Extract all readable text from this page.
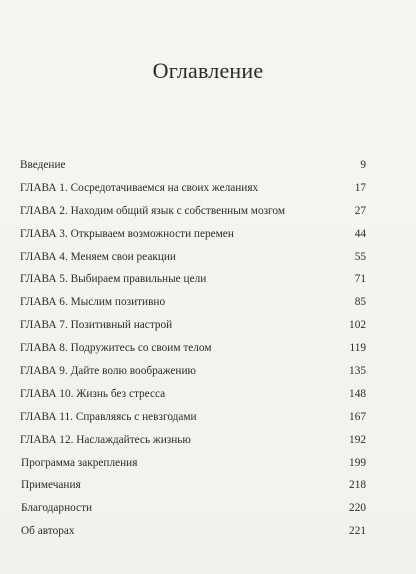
Оглавление
Введение	9
ГЛАВА 1. Сосредотачиваемся на своих желаниях	17
ГЛАВА 2. Находим общий язык с собственным мозгом	27
ГЛАВА 3. Открываем возможности перемен	44
ГЛАВА 4. Меняем свои реакции	55
ГЛАВА 5. Выбираем правильные цели	71
ГЛАВА 6. Мыслим позитивно	85
ГЛАВА 7. Позитивный настрой	102
ГЛАВА 8. Подружитесь со своим телом	119
ГЛАВА 9. Дайте волю воображению	135
ГЛАВА 10. Жизнь без стресса	148
ГЛАВА 11. Справляясь с невзгодами	167
ГЛАВА 12. Наслаждайтесь жизнью	192
Программа закрепления	199
Примечания	218
Благодарности	220
Об авторах	221
